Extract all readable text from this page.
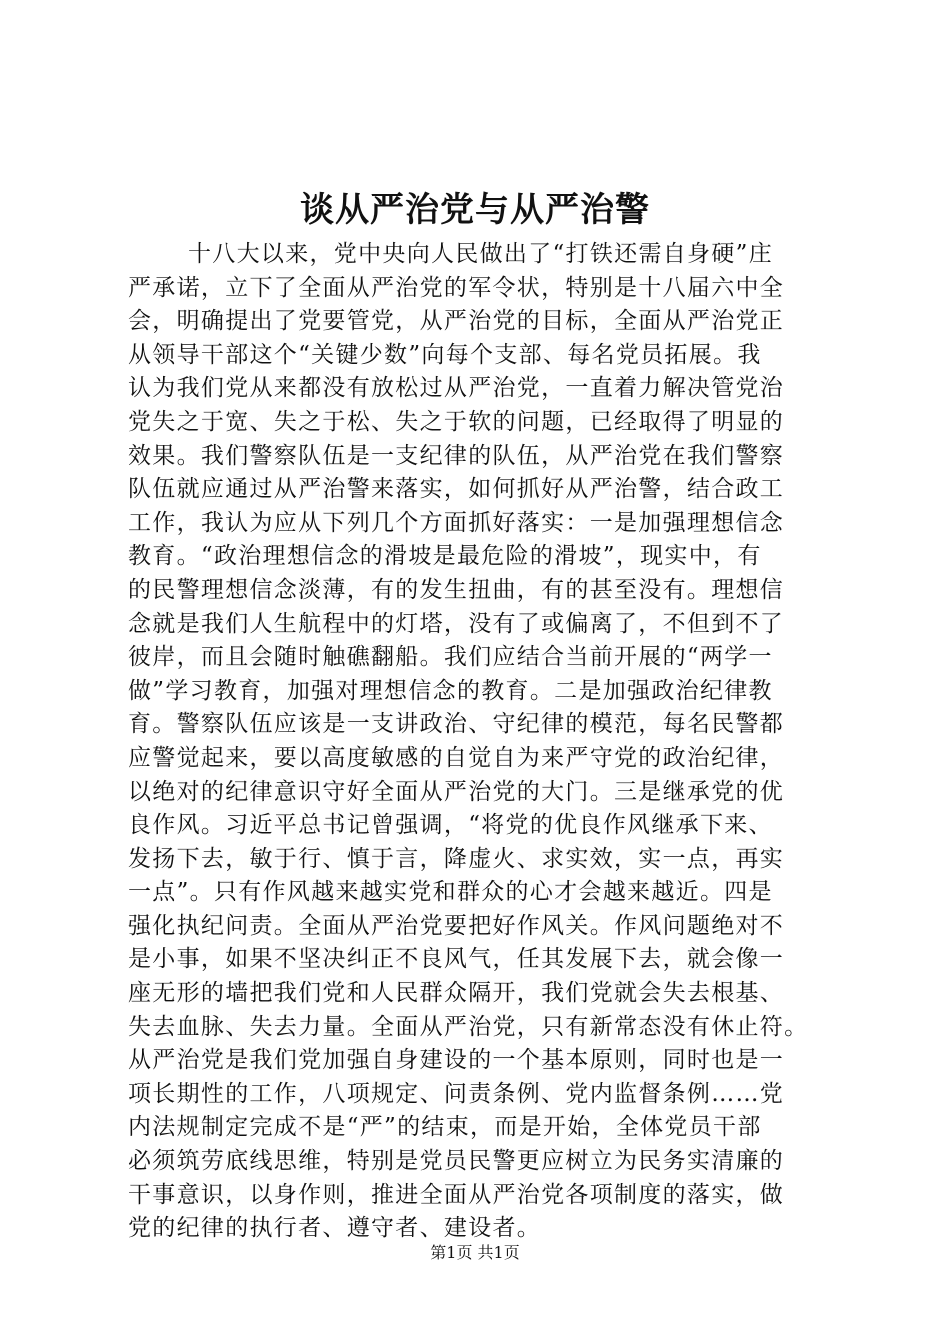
谈从严治党与从严治警
十八大以来，党中央向人民做出了“打铁还需自身硬”庄
严承诺，立下了全面从严治党的军令状，特别是十八届六中全
会，明确提出了党要管党，从严治党的目标，全面从严治党正
从领导干部这个“关键少数”向每个支部、每名党员拓展。我
认为我们党从来都没有放松过从严治党，一直着力解决管党治
党失之于宽、失之于松、失之于软的问题，已经取得了明显的
效果。我们警察队伍是一支纪律的队伍，从严治党在我们警察
队伍就应通过从严治警来落实，如何抓好从严治警，结合政工
工作，我认为应从下列几个方面抓好落实：一是加强理想信念
教育。“政治理想信念的滑坡是最危险的滑坡”，现实中，有
的民警理想信念淡薄，有的发生扭曲，有的甚至没有。理想信
念就是我们人生航程中的灯塔，没有了或偏离了，不但到不了
彼岸，而且会随时触礁翻船。我们应结合当前开展的“两学一
做”学习教育，加强对理想信念的教育。二是加强政治纪律教
育。警察队伍应该是一支讲政治、守纪律的模范，每名民警都
应警觉起来，要以高度敏感的自觉自为来严守党的政治纪律，
以绝对的纪律意识守好全面从严治党的大门。三是继承党的优
良作风。习近平总书记曾强调，“将党的优良作风继承下来、
发扬下去，敏于行、慎于言，降虚火、求实效，实一点，再实
一点”。只有作风越来越实党和群众的心才会越来越近。四是
强化执纪问责。全面从严治党要把好作风关。作风问题绝对不
是小事，如果不坚决纠正不良风气，任其发展下去，就会像一
座无形的墙把我们党和人民群众隔开，我们党就会失去根基、
失去血脉、失去力量。全面从严治党，只有新常态没有休止符。
从严治党是我们党加强自身建设的一个基本原则，同时也是一
项长期性的工作，八项规定、问责条例、党内监督条例……党
内法规制定完成不是“严”的结束，而是开始，全体党员干部
必须筑劳底线思维，特别是党员民警更应树立为民务实清廉的
干事意识，以身作则，推进全面从严治党各项制度的落实，做
党的纪律的执行者、遵守者、建设者。
第1页 共1页
